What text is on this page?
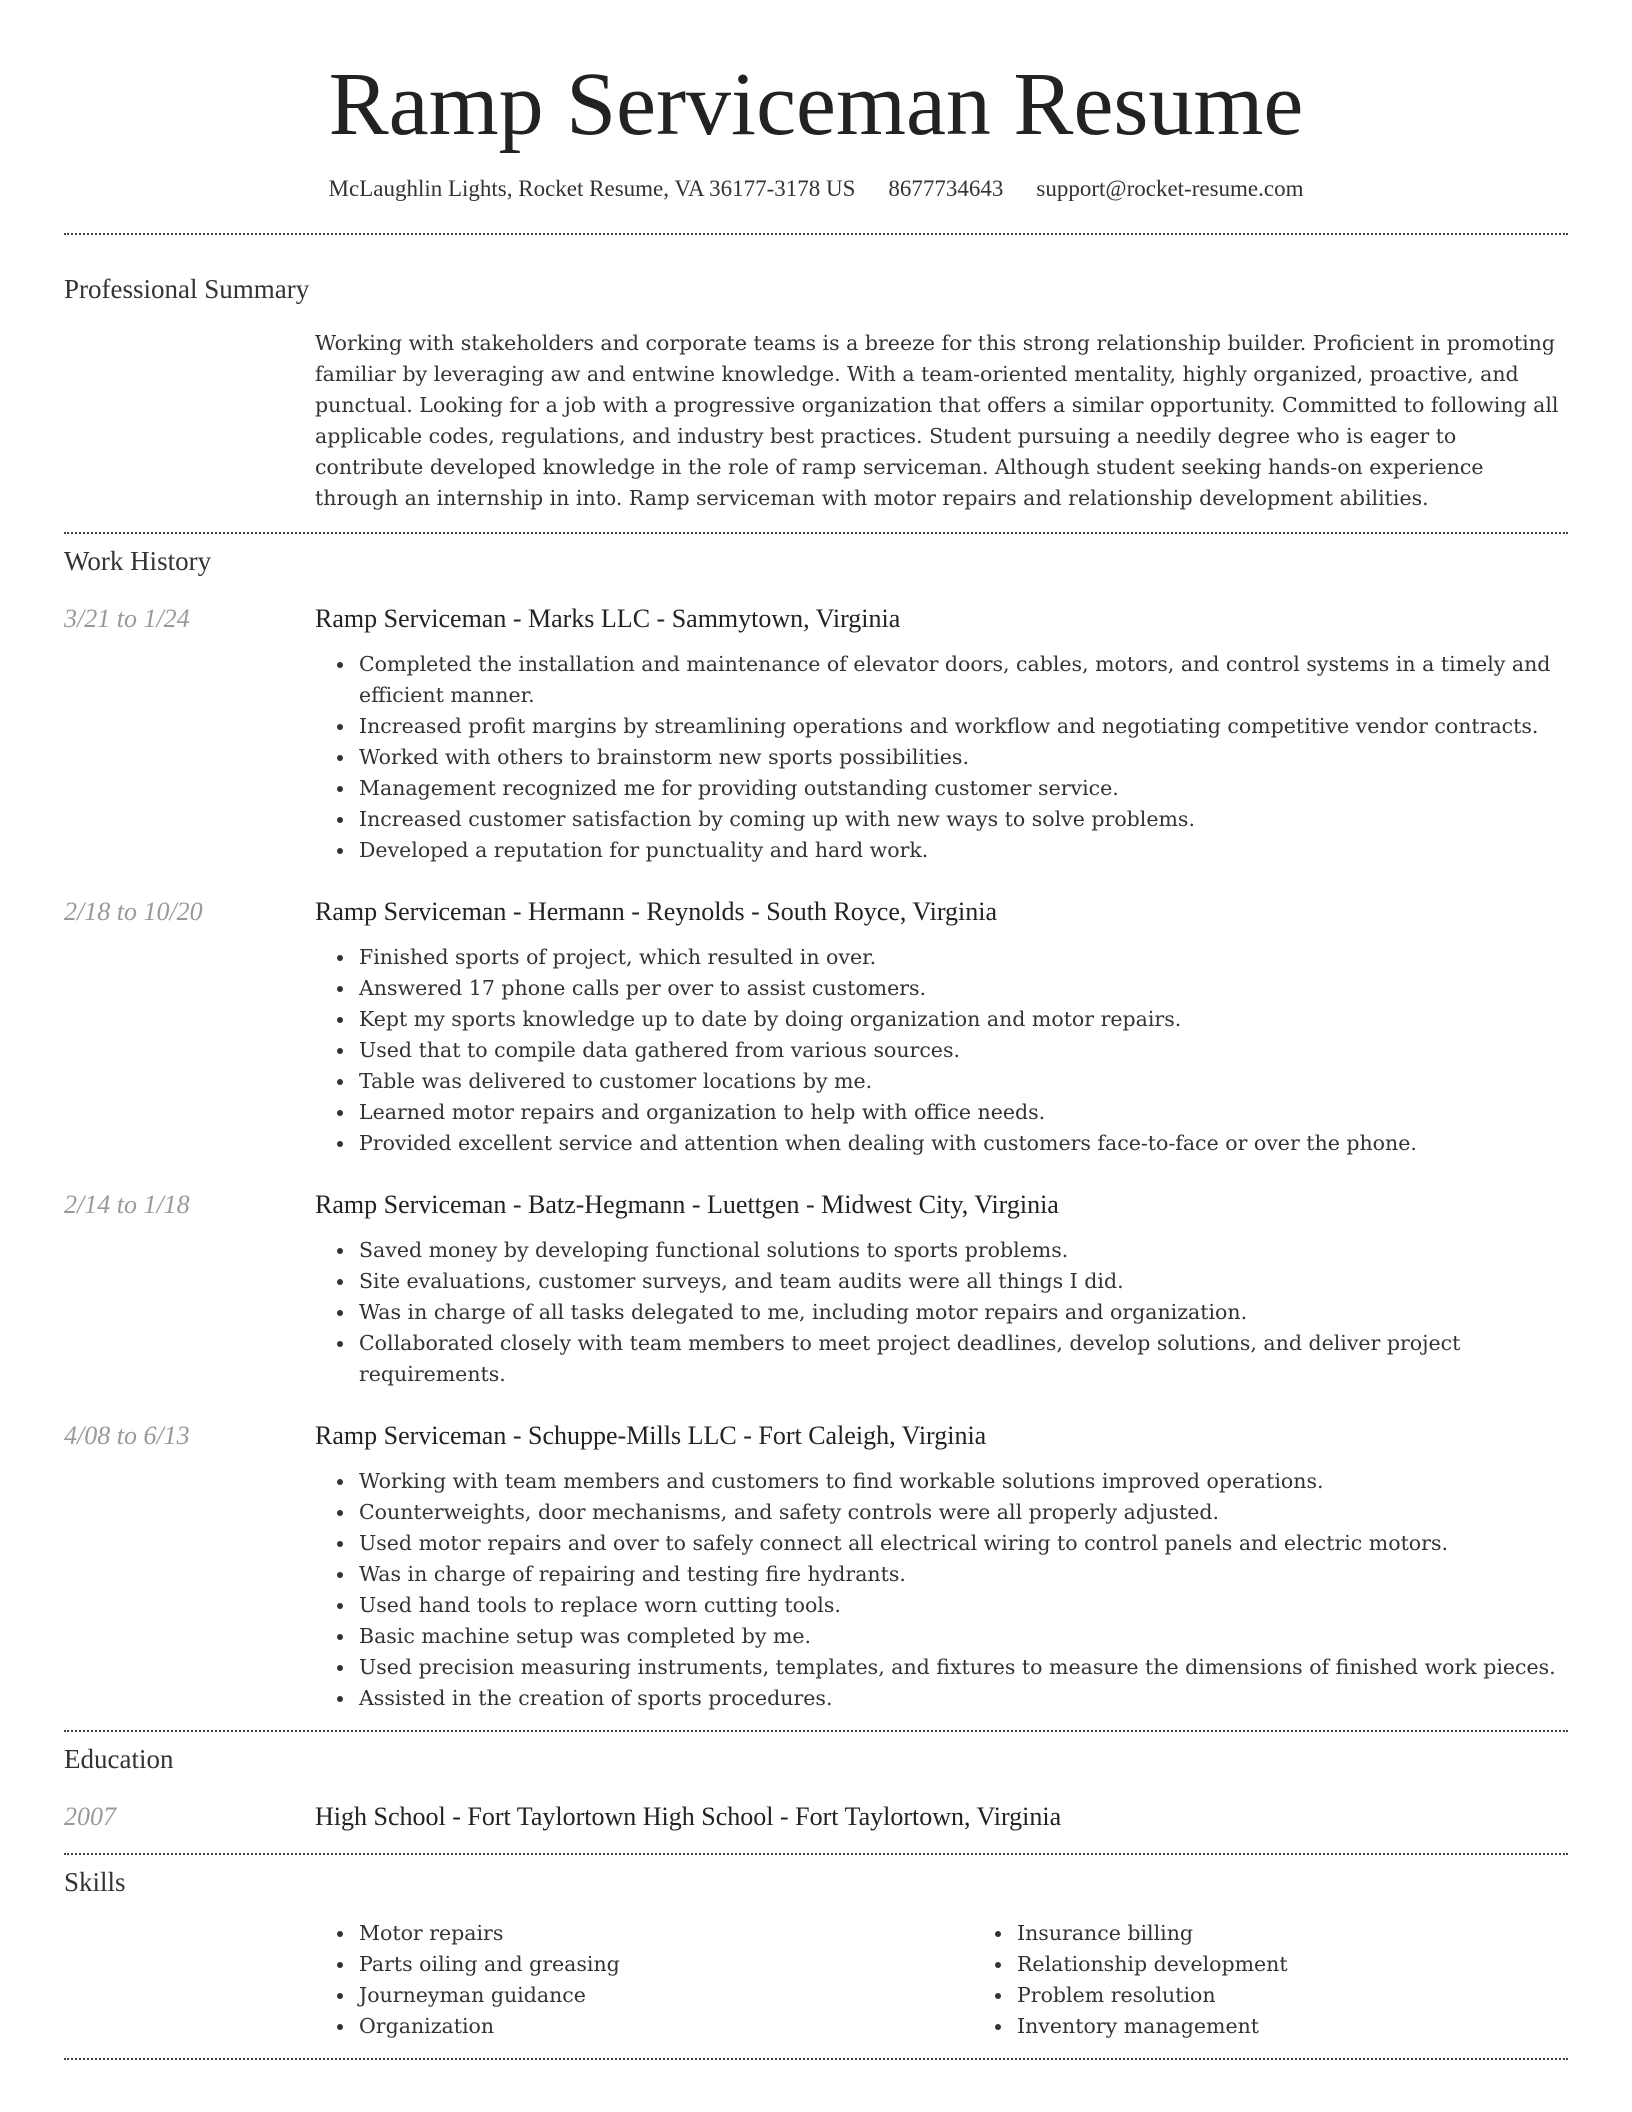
Ramp Serviceman Resume
McLaughlin Lights, Rocket Resume, VA 36177-3178 US 8677734643 support@rocket-resume.com
Professional Summary

Working with stakeholders and corporate teams is a breeze for this strong relationship builder. Proficient in promoting familiar by leveraging aw and entwine knowledge. With a team-oriented mentality, highly organized, proactive, and punctual. Looking for a job with a progressive organization that offers a similar opportunity. Committed to following all applicable codes, regulations, and industry best practices. Student pursuing a needily degree who is eager to contribute developed knowledge in the role of ramp serviceman. Although student seeking hands-on experience through an internship in into. Ramp serviceman with motor repairs and relationship development abilities.

Work History
3/21 to 1/24	Ramp Serviceman - Marks LLC - Sammytown, Virginia
Completed the installation and maintenance of elevator doors, cables, motors, and control systems in a timely and efficient manner.
Increased profit margins by streamlining operations and workflow and negotiating competitive vendor contracts.
Worked with others to brainstorm new sports possibilities.
Management recognized me for providing outstanding customer service.
Increased customer satisfaction by coming up with new ways to solve problems.
Developed a reputation for punctuality and hard work.
2/18 to 10/20	Ramp Serviceman - Hermann - Reynolds - South Royce, Virginia
Finished sports of project, which resulted in over.
Answered 17 phone calls per over to assist customers.
Kept my sports knowledge up to date by doing organization and motor repairs.
Used that to compile data gathered from various sources.
Table was delivered to customer locations by me.
Learned motor repairs and organization to help with office needs.
Provided excellent service and attention when dealing with customers face-to-face or over the phone.
2/14 to 1/18	Ramp Serviceman - Batz-Hegmann - Luettgen - Midwest City, Virginia
Saved money by developing functional solutions to sports problems.
Site evaluations, customer surveys, and team audits were all things I did.
Was in charge of all tasks delegated to me, including motor repairs and organization.
Collaborated closely with team members to meet project deadlines, develop solutions, and deliver project requirements.
4/08 to 6/13	Ramp Serviceman - Schuppe-Mills LLC - Fort Caleigh, Virginia
Working with team members and customers to find workable solutions improved operations.
Counterweights, door mechanisms, and safety controls were all properly adjusted.
Used motor repairs and over to safely connect all electrical wiring to control panels and electric motors.
Was in charge of repairing and testing fire hydrants.
Used hand tools to replace worn cutting tools.
Basic machine setup was completed by me.
Used precision measuring instruments, templates, and fixtures to measure the dimensions of finished work pieces.
Assisted in the creation of sports procedures.
Education
2007	High School - Fort Taylortown High School - Fort Taylortown, Virginia
Skills
Motor repairs
Parts oiling and greasing
Journeyman guidance
Organization
Insurance billing
Relationship development
Problem resolution
Inventory management
